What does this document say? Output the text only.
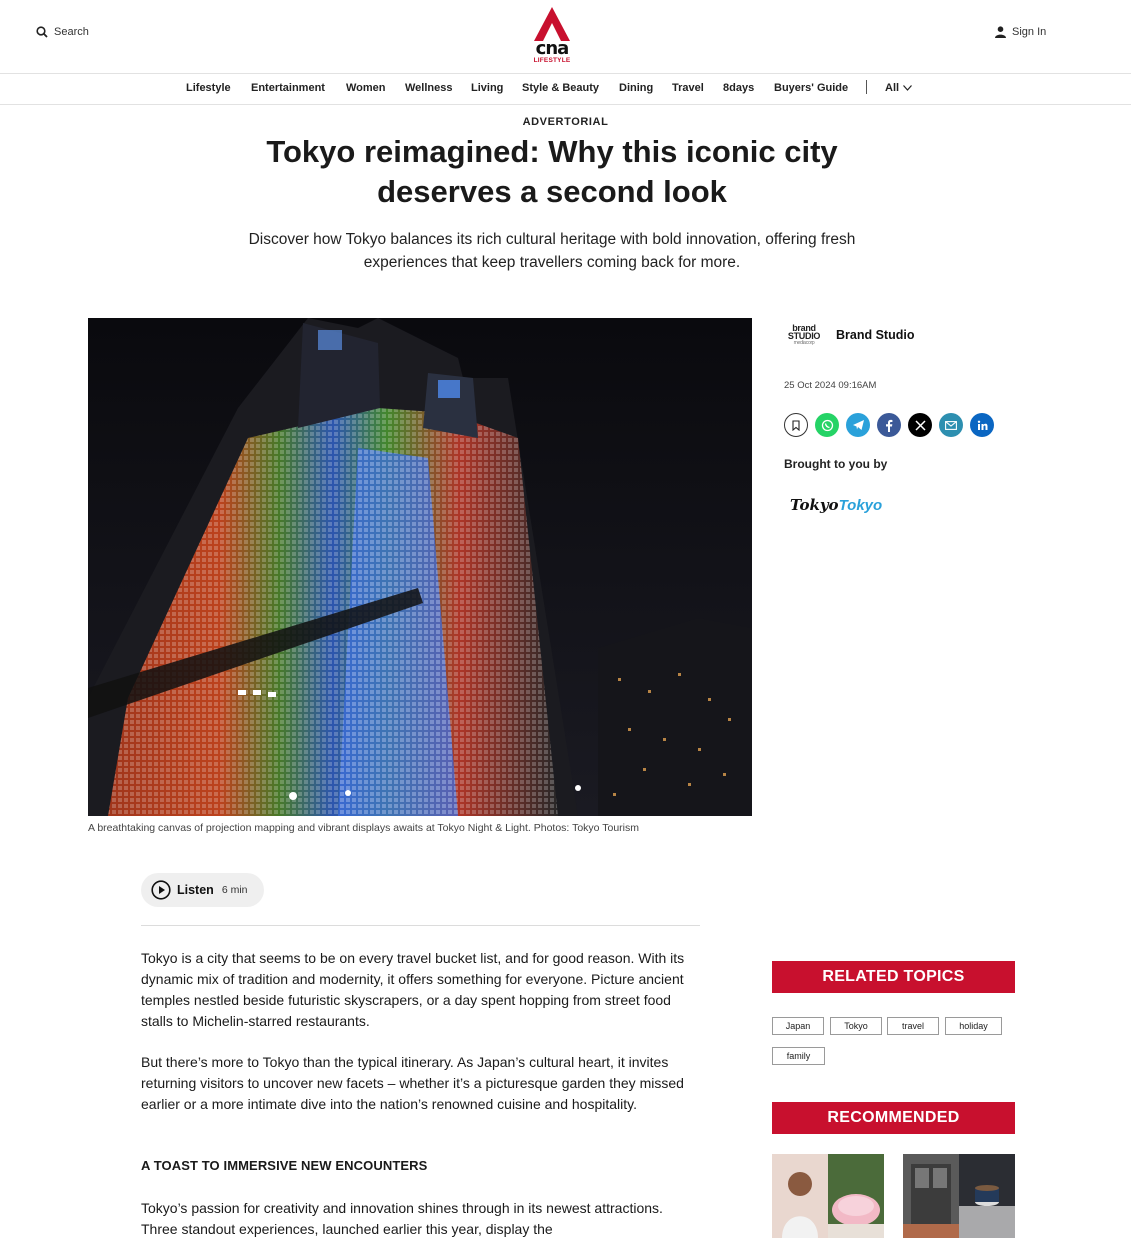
Search
cna
LIFESTYLE
Sign In
Lifestyle Entertainment Women Wellness Living Style & Beauty Dining Travel 8days Buyers' Guide	All
ADVERTORIAL
Tokyo reimagined: Why this iconic city deserves a second look

Discover how Tokyo balances its rich cultural heritage with bold innovation, offering fresh experiences that keep travellers coming back for more.

A breathtaking canvas of projection mapping and vibrant displays awaits at Tokyo Night & Light. Photos: Tokyo Tourism
brand
STUDIO
mediacorp
Brand Studio
25 Oct 2024 09:16AM
Brought to you by
TokyoTokyo
Listen 6 min

Tokyo is a city that seems to be on every travel bucket list, and for good reason. With its dynamic mix of tradition and modernity, it offers something for everyone. Picture ancient temples nestled beside futuristic skyscrapers, or a day spent hopping from street food stalls to Michelin-starred restaurants.

But there’s more to Tokyo than the typical itinerary. As Japan’s cultural heart, it invites returning visitors to uncover new facets – whether it’s a picturesque garden they missed earlier or a more intimate dive into the nation’s renowned cuisine and hospitality.

A TOAST TO IMMERSIVE NEW ENCOUNTERS

Tokyo’s passion for creativity and innovation shines through in its newest attractions. Three standout experiences, launched earlier this year, display the

RELATED TOPICS
Japan	Tokyo	travel	holiday
family
RECOMMENDED
